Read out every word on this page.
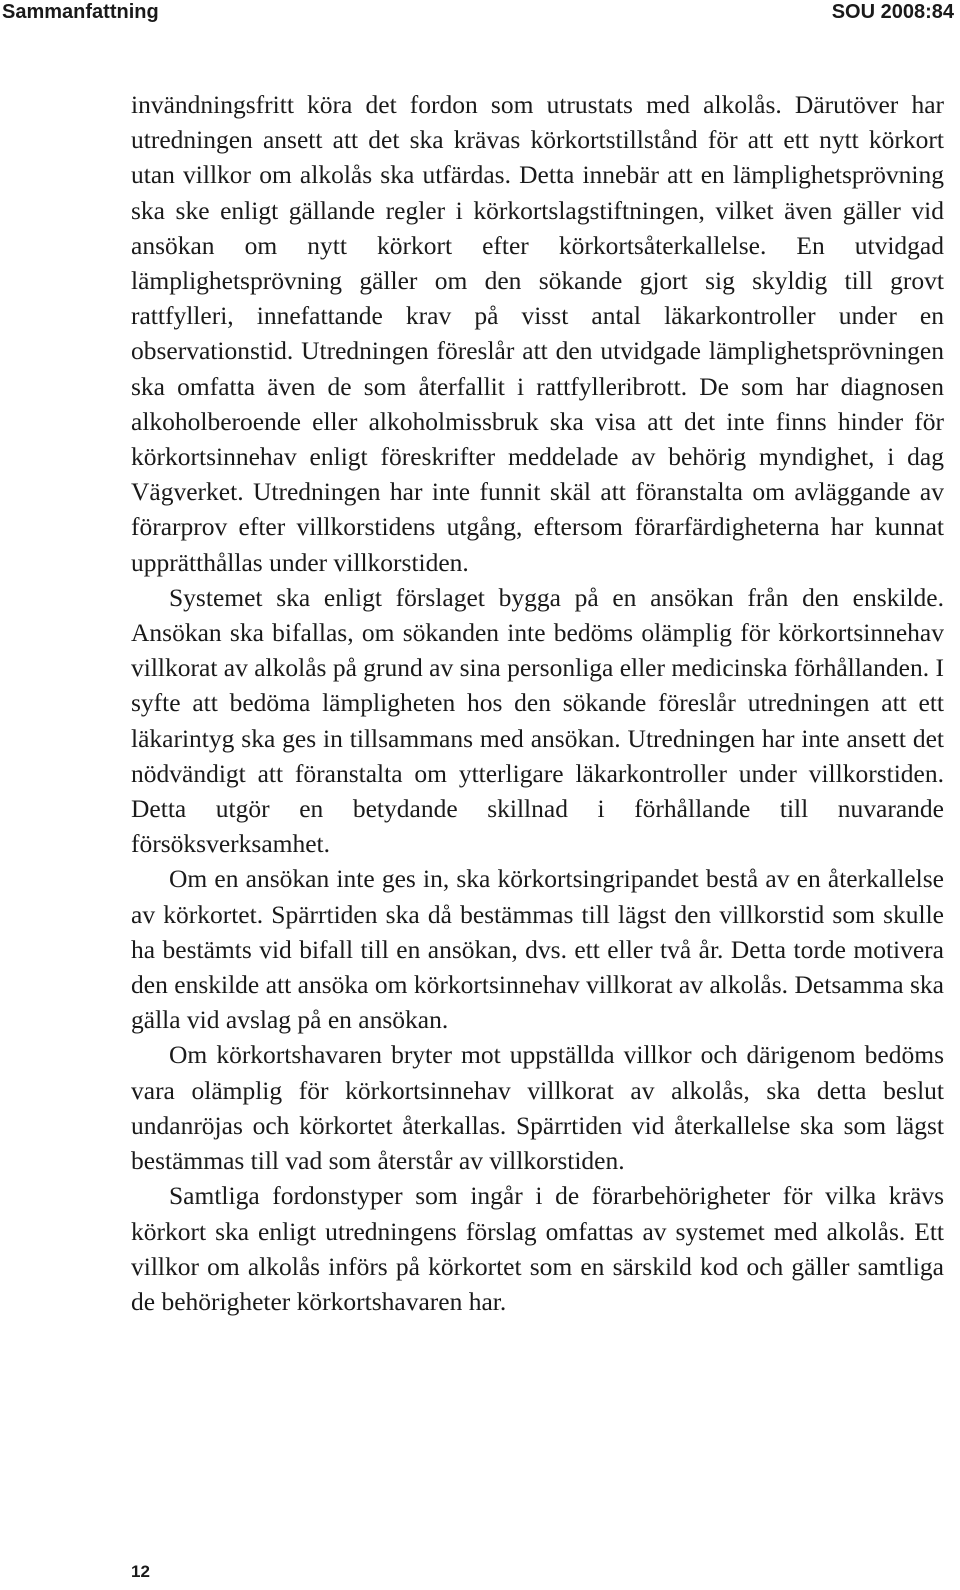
Sammanfattning	SOU 2008:84

invändningsfritt köra det fordon som utrustats med alkolås. Därutöver har utredningen ansett att det ska krävas körkortstillstånd för att ett nytt körkort utan villkor om alkolås ska utfärdas. Detta innebär att en lämplighetsprövning ska ske enligt gällande regler i körkortslagstiftningen, vilket även gäller vid ansökan om nytt körkort efter körkortsåterkallelse. En utvidgad lämplighetsprövning gäller om den sökande gjort sig skyldig till grovt rattfylleri, innefattande krav på visst antal läkarkontroller under en observationstid. Utredningen föreslår att den utvidgade lämplighetsprövningen ska omfatta även de som återfallit i rattfylleribrott. De som har diagnosen alkoholberoende eller alkoholmissbruk ska visa att det inte finns hinder för körkortsinnehav enligt föreskrifter meddelade av behörig myndighet, i dag Vägverket. Utredningen har inte funnit skäl att föranstalta om avläggande av förarprov efter villkorstidens utgång, eftersom förarfärdigheterna har kunnat upprätthållas under villkorstiden.

Systemet ska enligt förslaget bygga på en ansökan från den enskilde. Ansökan ska bifallas, om sökanden inte bedöms olämplig för körkortsinnehav villkorat av alkolås på grund av sina personliga eller medicinska förhållanden. I syfte att bedöma lämpligheten hos den sökande föreslår utredningen att ett läkarintyg ska ges in tillsammans med ansökan. Utredningen har inte ansett det nödvändigt att föranstalta om ytterligare läkarkontroller under villkorstiden. Detta utgör en betydande skillnad i förhållande till nuvarande försöksverksamhet.

Om en ansökan inte ges in, ska körkortsingripandet bestå av en återkallelse av körkortet. Spärrtiden ska då bestämmas till lägst den villkorstid som skulle ha bestämts vid bifall till en ansökan, dvs. ett eller två år. Detta torde motivera den enskilde att ansöka om körkortsinnehav villkorat av alkolås. Detsamma ska gälla vid avslag på en ansökan.

Om körkortshavaren bryter mot uppställda villkor och därigenom bedöms vara olämplig för körkortsinnehav villkorat av alkolås, ska detta beslut undanröjas och körkortet återkallas. Spärrtiden vid återkallelse ska som lägst bestämmas till vad som återstår av villkorstiden.

Samtliga fordonstyper som ingår i de förarbehörigheter för vilka krävs körkort ska enligt utredningens förslag omfattas av systemet med alkolås. Ett villkor om alkolås införs på körkortet som en särskild kod och gäller samtliga de behörigheter körkortshavaren har.

12
